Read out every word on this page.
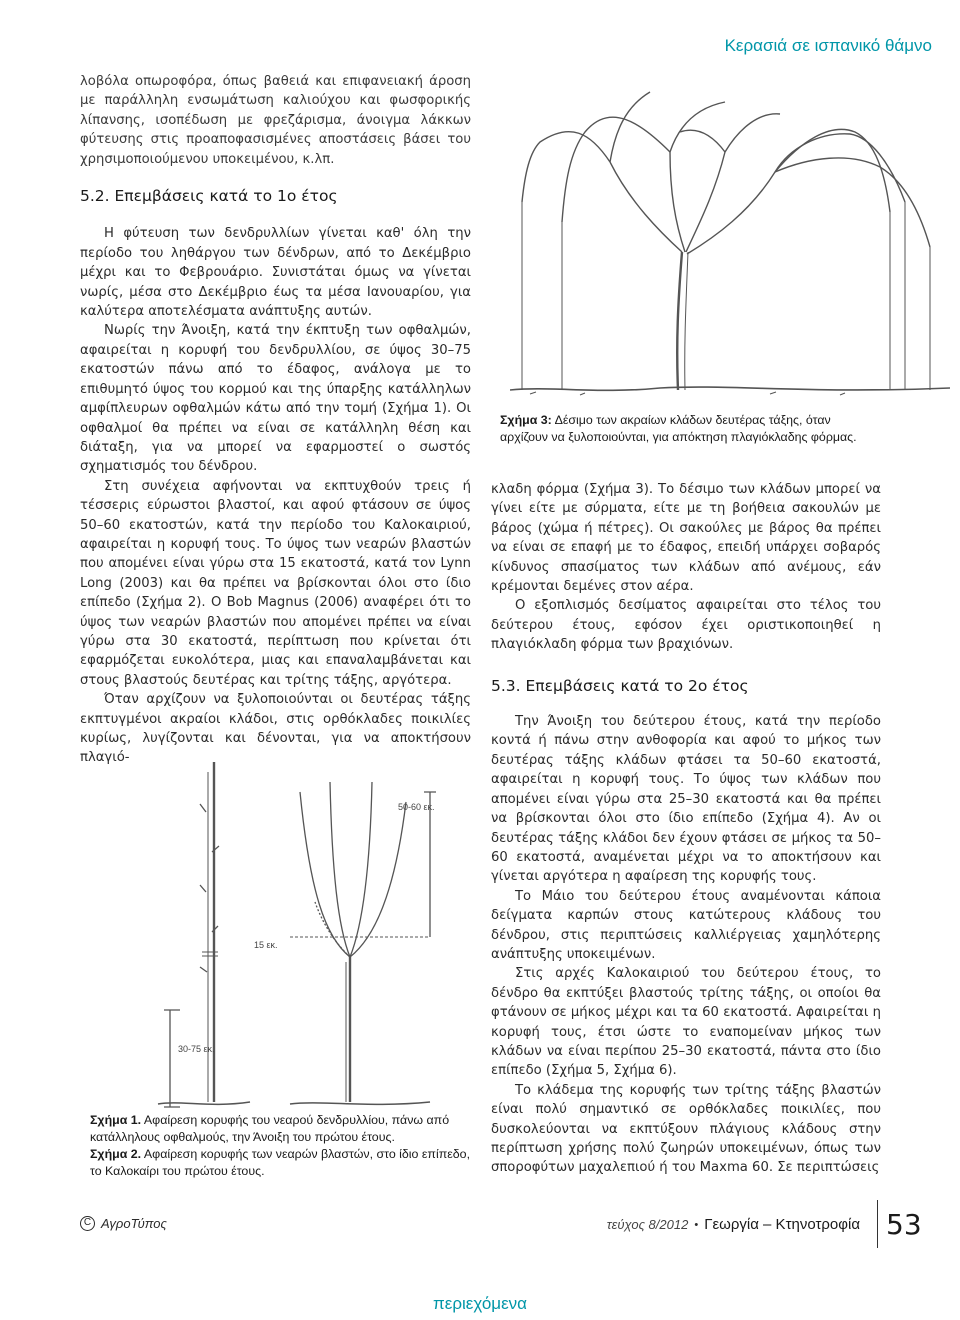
Κερασιά σε ισπανικό θάμνο

λοβόλα οπωροφόρα, όπως βαθειά και επιφανειακή άροση με παράλληλη ενσωμάτωση καλιούχου και φωσφορικής λίπανσης, ισοπέδωση με φρεζάρισμα, άνοιγμα λάκκων φύτευσης στις προαποφασισμένες αποστάσεις βάσει του χρησιμοποιούμενου υποκειμένου, κ.λπ.

5.2. Επεμβάσεις κατά το 1ο έτος

Η φύτευση των δενδρυλλίων γίνεται καθ' όλη την περίοδο του ληθάργου των δένδρων, από το Δεκέμβριο μέχρι και το Φεβρουάριο. Συνιστάται όμως να γίνεται νωρίς, μέσα στο Δεκέμβριο έως τα μέσα Ιανουαρίου, για καλύτερα αποτελέσματα ανάπτυξης αυτών.

Νωρίς την Άνοιξη, κατά την έκπτυξη των οφθαλμών, αφαιρείται η κορυφή του δενδρυλλίου, σε ύψος 30–75 εκατοστών πάνω από το έδαφος, ανάλογα με το επιθυμητό ύψος του κορμού και της ύπαρξης κατάλληλων αμφίπλευρων οφθαλμών κάτω από την τομή (Σχήμα 1). Οι οφθαλμοί θα πρέπει να είναι σε κατάλληλη θέση και διάταξη, για να μπορεί να εφαρμοστεί ο σωστός σχηματισμός του δένδρου.

Στη συνέχεια αφήνονται να εκπτυχθούν τρεις ή τέσσερις εύρωστοι βλαστοί, και αφού φτάσουν σε ύψος 50–60 εκατοστών, κατά την περίοδο του Καλοκαιριού, αφαιρείται η κορυφή τους. Το ύψος των νεαρών βλαστών που απομένει είναι γύρω στα 15 εκατοστά, κατά τον Lynn Long (2003) και θα πρέπει να βρίσκονται όλοι στο ίδιο επίπεδο (Σχήμα 2). Ο Bob Magnus (2006) αναφέρει ότι το ύψος των νεαρών βλαστών που απομένει πρέπει να είναι γύρω στα 30 εκατοστά, περίπτωση που κρίνεται ότι εφαρμόζεται ευκολότερα, μιας και επαναλαμβάνεται και στους βλαστούς δευτέρας και τρίτης τάξης, αργότερα.

Όταν αρχίζουν να ξυλοποιούνται οι δευτέρας τάξης εκπτυγμένοι ακραίοι κλάδοι, στις ορθόκλαδες ποικιλίες κυρίως, λυγίζονται και δένονται, για να αποκτήσουν πλαγιό-

50-60 εκ.
15 εκ.
30-75 εκ.
Σχήμα 1. Αφαίρεση κορυφής του νεαρού δενδρυλλίου, πάνω από κατάλληλους οφθαλμούς, την Άνοιξη του πρώτου έτους.
Σχήμα 2. Αφαίρεση κορυφής των νεαρών βλαστών, στο ίδιο επίπεδο, το Καλοκαίρι του πρώτου έτους.
Σχήμα 3: Δέσιμο των ακραίων κλάδων δευτέρας τάξης, όταν αρχίζουν να ξυλοποιούνται, για απόκτηση πλαγιόκλαδης φόρμας.

κλαδη φόρμα (Σχήμα 3). Το δέσιμο των κλάδων μπορεί να γίνει είτε με σύρματα, είτε με τη βοήθεια σακουλών με βάρος (χώμα ή πέτρες). Οι σακούλες με βάρος θα πρέπει να είναι σε επαφή με το έδαφος, επειδή υπάρχει σοβαρός κίνδυνος σπασίματος των κλάδων από ανέμους, εάν κρέμονται δεμένες στον αέρα.

Ο εξοπλισμός δεσίματος αφαιρείται στο τέλος του δεύτερου έτους, εφόσον έχει οριστικοποιηθεί η πλαγιόκλαδη φόρμα των βραχιόνων.

5.3. Επεμβάσεις κατά το 2ο έτος

Την Άνοιξη του δεύτερου έτους, κατά την περίοδο κοντά ή πάνω στην ανθοφορία και αφού το μήκος των δευτέρας τάξης κλάδων φτάσει τα 50–60 εκατοστά, αφαιρείται η κορυφή τους. Το ύψος των κλάδων που απομένει είναι γύρω στα 25–30 εκατοστά και θα πρέπει να βρίσκονται όλοι στο ίδιο επίπεδο (Σχήμα 4). Αν οι δευτέρας τάξης κλάδοι δεν έχουν φτάσει σε μήκος τα 50–60 εκατοστά, αναμένεται μέχρι να το αποκτήσουν και γίνεται αργότερα η αφαίρεση της κορυφής τους.

Το Μάιο του δεύτερου έτους αναμένονται κάποια δείγματα καρπών στους κατώτερους κλάδους του δένδρου, στις περιπτώσεις καλλιέργειας χαμηλότερης ανάπτυξης υποκειμένων.

Στις αρχές Καλοκαιριού του δεύτερου έτους, το δένδρο θα εκπτύξει βλαστούς τρίτης τάξης, οι οποίοι θα φτάνουν σε μήκος μέχρι και τα 60 εκατοστά. Αφαιρείται η κορυφή τους, έτσι ώστε το εναπομείναν μήκος των κλάδων να είναι περίπου 25–30 εκατοστά, πάντα στο ίδιο επίπεδο (Σχήμα 5, Σχήμα 6).

Το κλάδεμα της κορυφής των τρίτης τάξης βλαστών είναι πολύ σημαντικό σε ορθόκλαδες ποικιλίες, που δυσκολεύονται να εκπτύξουν πλάγιους κλάδους στην περίπτωση χρήσης πολύ ζωηρών υποκειμένων, όπως των σποροφύτων μαχαλεπιού ή του Maxma 60. Σε περιπτώσεις

C ΑγροΤύπος	τεύχος 8/2012 • Γεωργία – Κτηνοτροφία 53
περιεχόμενα
